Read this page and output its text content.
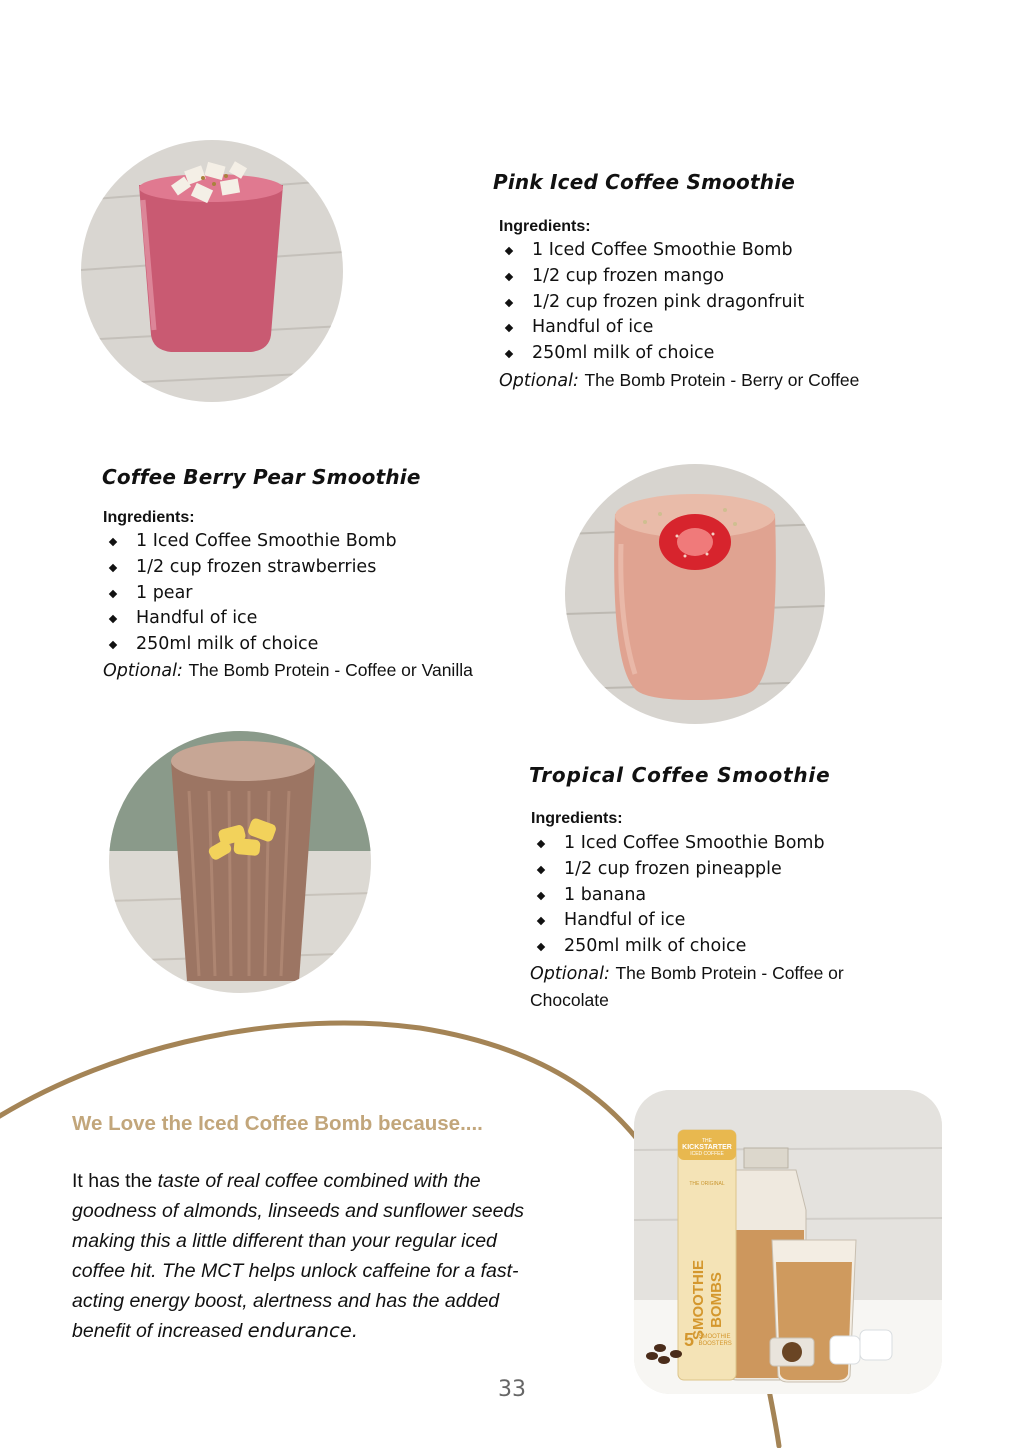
Pink Iced Coffee Smoothie
Ingredients:
1 Iced Coffee Smoothie Bomb
1/2 cup frozen mango
1/2 cup frozen pink dragonfruit
Handful of ice
250ml milk of choice
Optional: The Bomb Protein - Berry or Coffee
Coffee Berry Pear Smoothie
Ingredients:
1 Iced Coffee Smoothie Bomb
1/2 cup frozen strawberries
1 pear
Handful of ice
250ml milk of choice
Optional: The Bomb Protein - Coffee or Vanilla
Tropical Coffee Smoothie
Ingredients:
1 Iced Coffee Smoothie Bomb
1/2 cup frozen pineapple
1 banana
Handful of ice
250ml milk of choice
Optional: The Bomb Protein - Coffee or Chocolate
We Love the Iced Coffee Bomb because....
It has the taste of real coffee combined with the goodness of almonds, linseeds and sunflower seeds making this a little different than your regular iced coffee hit. The MCT helps unlock caffeine for a fast-acting energy boost, alertness and has the added benefit of increased endurance.
THE
KICKSTARTER
ICED COFFEE
THE ORIGINAL
SMOOTHIE BOMBS
5 SMOOTHIE
BOOSTERS
33
